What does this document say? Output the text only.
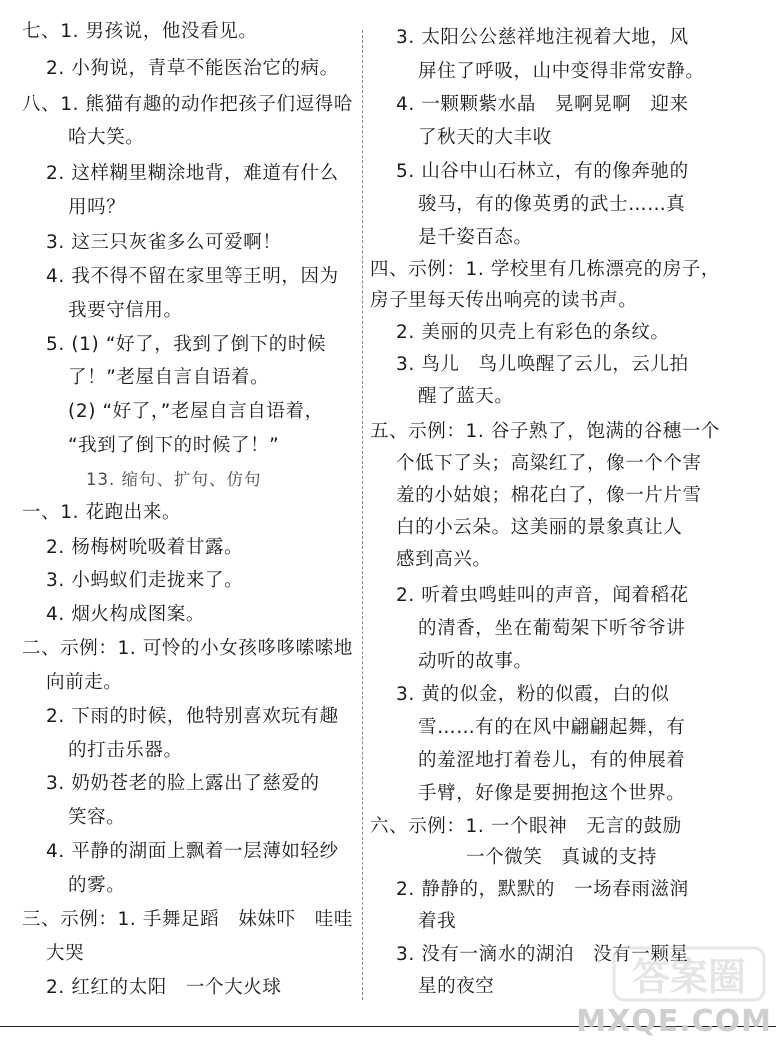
七、1. 男孩说，他没看见。
2. 小狗说，青草不能医治它的病。
八、1. 熊猫有趣的动作把孩子们逗得哈
哈大笑。
2. 这样糊里糊涂地背，难道有什么
用吗？
3. 这三只灰雀多么可爱啊！
4. 我不得不留在家里等王明，因为
我要守信用。
5. (1) “好了，我到了倒下的时候
了！”老屋自言自语着。
(2) “好了，”老屋自言自语着，
“我到了倒下的时候了！”
13. 缩句、扩句、仿句
一、1. 花跑出来。
2. 杨梅树吮吸着甘露。
3. 小蚂蚁们走拢来了。
4. 烟火构成图案。
二、示例：1. 可怜的小女孩哆哆嗦嗦地
向前走。
2. 下雨的时候，他特别喜欢玩有趣
的打击乐器。
3. 奶奶苍老的脸上露出了慈爱的
笑容。
4. 平静的湖面上飘着一层薄如轻纱
的雾。
三、示例：1. 手舞足蹈　妹妹吓　哇哇
大哭
2. 红红的太阳　一个大火球
3. 太阳公公慈祥地注视着大地，风
屏住了呼吸，山中变得非常安静。
4. 一颗颗紫水晶　晃啊晃啊　迎来
了秋天的大丰收
5. 山谷中山石林立，有的像奔驰的
骏马，有的像英勇的武士……真
是千姿百态。
四、示例：1. 学校里有几栋漂亮的房子，
房子里每天传出响亮的读书声。
2. 美丽的贝壳上有彩色的条纹。
3. 鸟儿　鸟儿唤醒了云儿，云儿拍
醒了蓝天。
五、示例：1. 谷子熟了，饱满的谷穗一个
个低下了头；高粱红了，像一个个害
羞的小姑娘；棉花白了，像一片片雪
白的小云朵。这美丽的景象真让人
感到高兴。
2. 听着虫鸣蛙叫的声音，闻着稻花
的清香，坐在葡萄架下听爷爷讲
动听的故事。
3. 黄的似金，粉的似霞，白的似
雪……有的在风中翩翩起舞，有
的羞涩地打着卷儿，有的伸展着
手臂，好像是要拥抱这个世界。
六、示例：1. 一个眼神　无言的鼓励
一个微笑　真诚的支持
2. 静静的，默默的　一场春雨滋润
着我
3. 没有一滴水的湖泊　没有一颗星
星的夜空	答案圈
MXQE.COM
